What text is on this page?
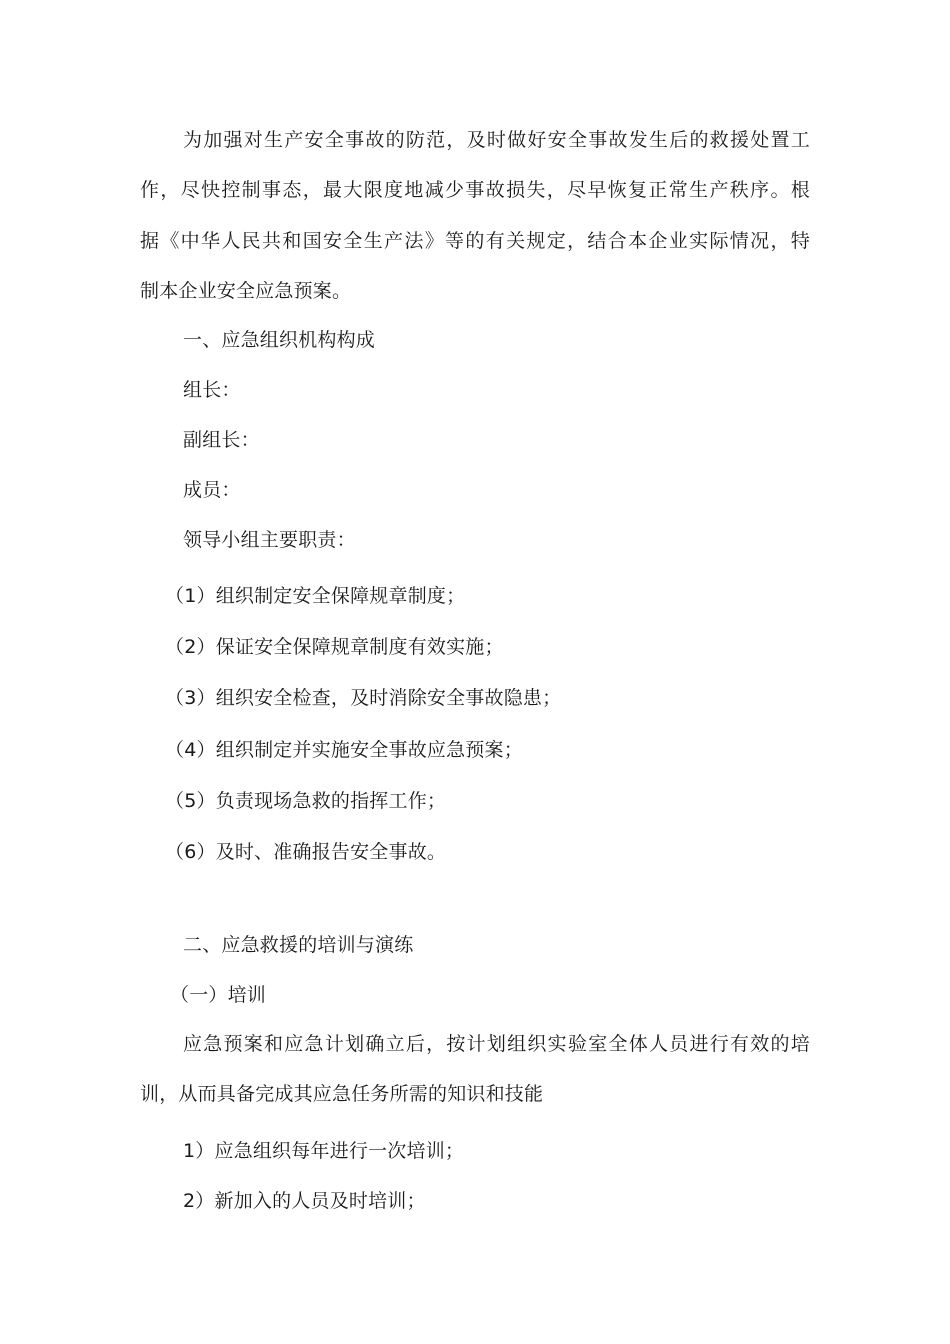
为加强对生产安全事故的防范，及时做好安全事故发生后的救援处置工
作，尽快控制事态，最大限度地减少事故损失，尽早恢复正常生产秩序。根
据《中华人民共和国安全生产法》等的有关规定，结合本企业实际情况，特
制本企业安全应急预案。
一、应急组织机构构成
组长：
副组长：
成员：
领导小组主要职责：
（1）组织制定安全保障规章制度；
（2）保证安全保障规章制度有效实施；
（3）组织安全检查，及时消除安全事故隐患；
（4）组织制定并实施安全事故应急预案；
（5）负责现场急救的指挥工作；
（6）及时、准确报告安全事故。
二、应急救援的培训与演练
（一）培训
应急预案和应急计划确立后，按计划组织实验室全体人员进行有效的培
训，从而具备完成其应急任务所需的知识和技能
1）应急组织每年进行一次培训；
2）新加入的人员及时培训；
